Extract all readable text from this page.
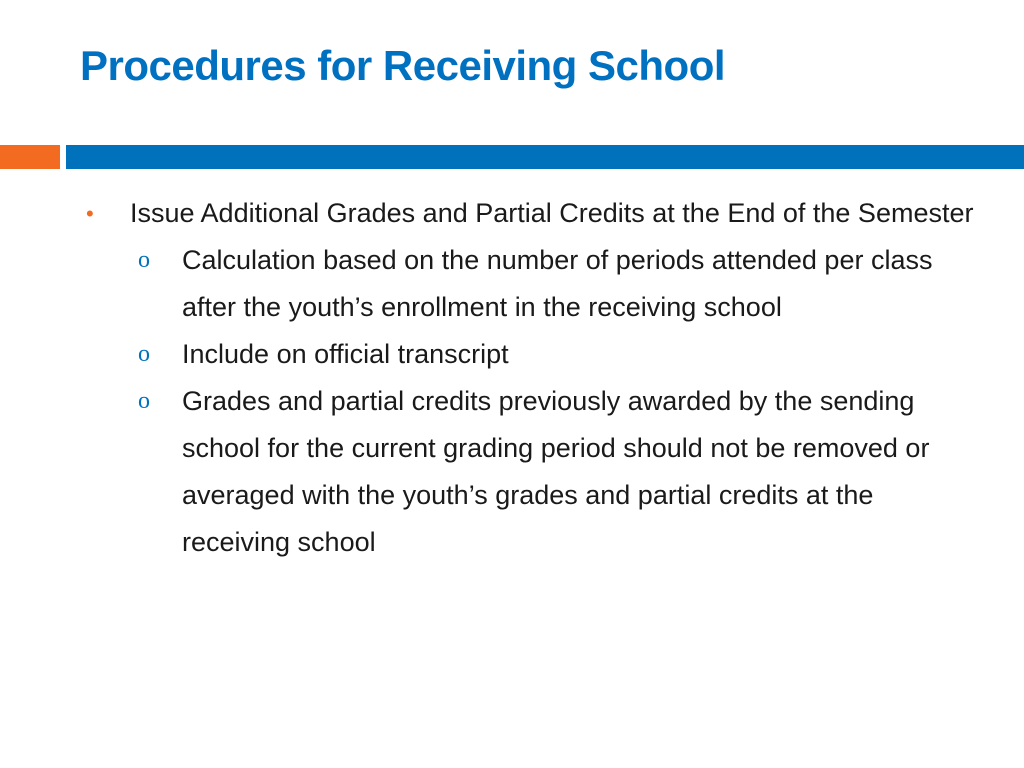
Procedures for Receiving School
• Issue Additional Grades and Partial Credits at the End of the Semester
o Calculation based on the number of periods attended per class after the youth’s enrollment in the receiving school
o Include on official transcript
o Grades and partial credits previously awarded by the sending school for the current grading period should not be removed or averaged with the youth’s grades and partial credits at the receiving school
